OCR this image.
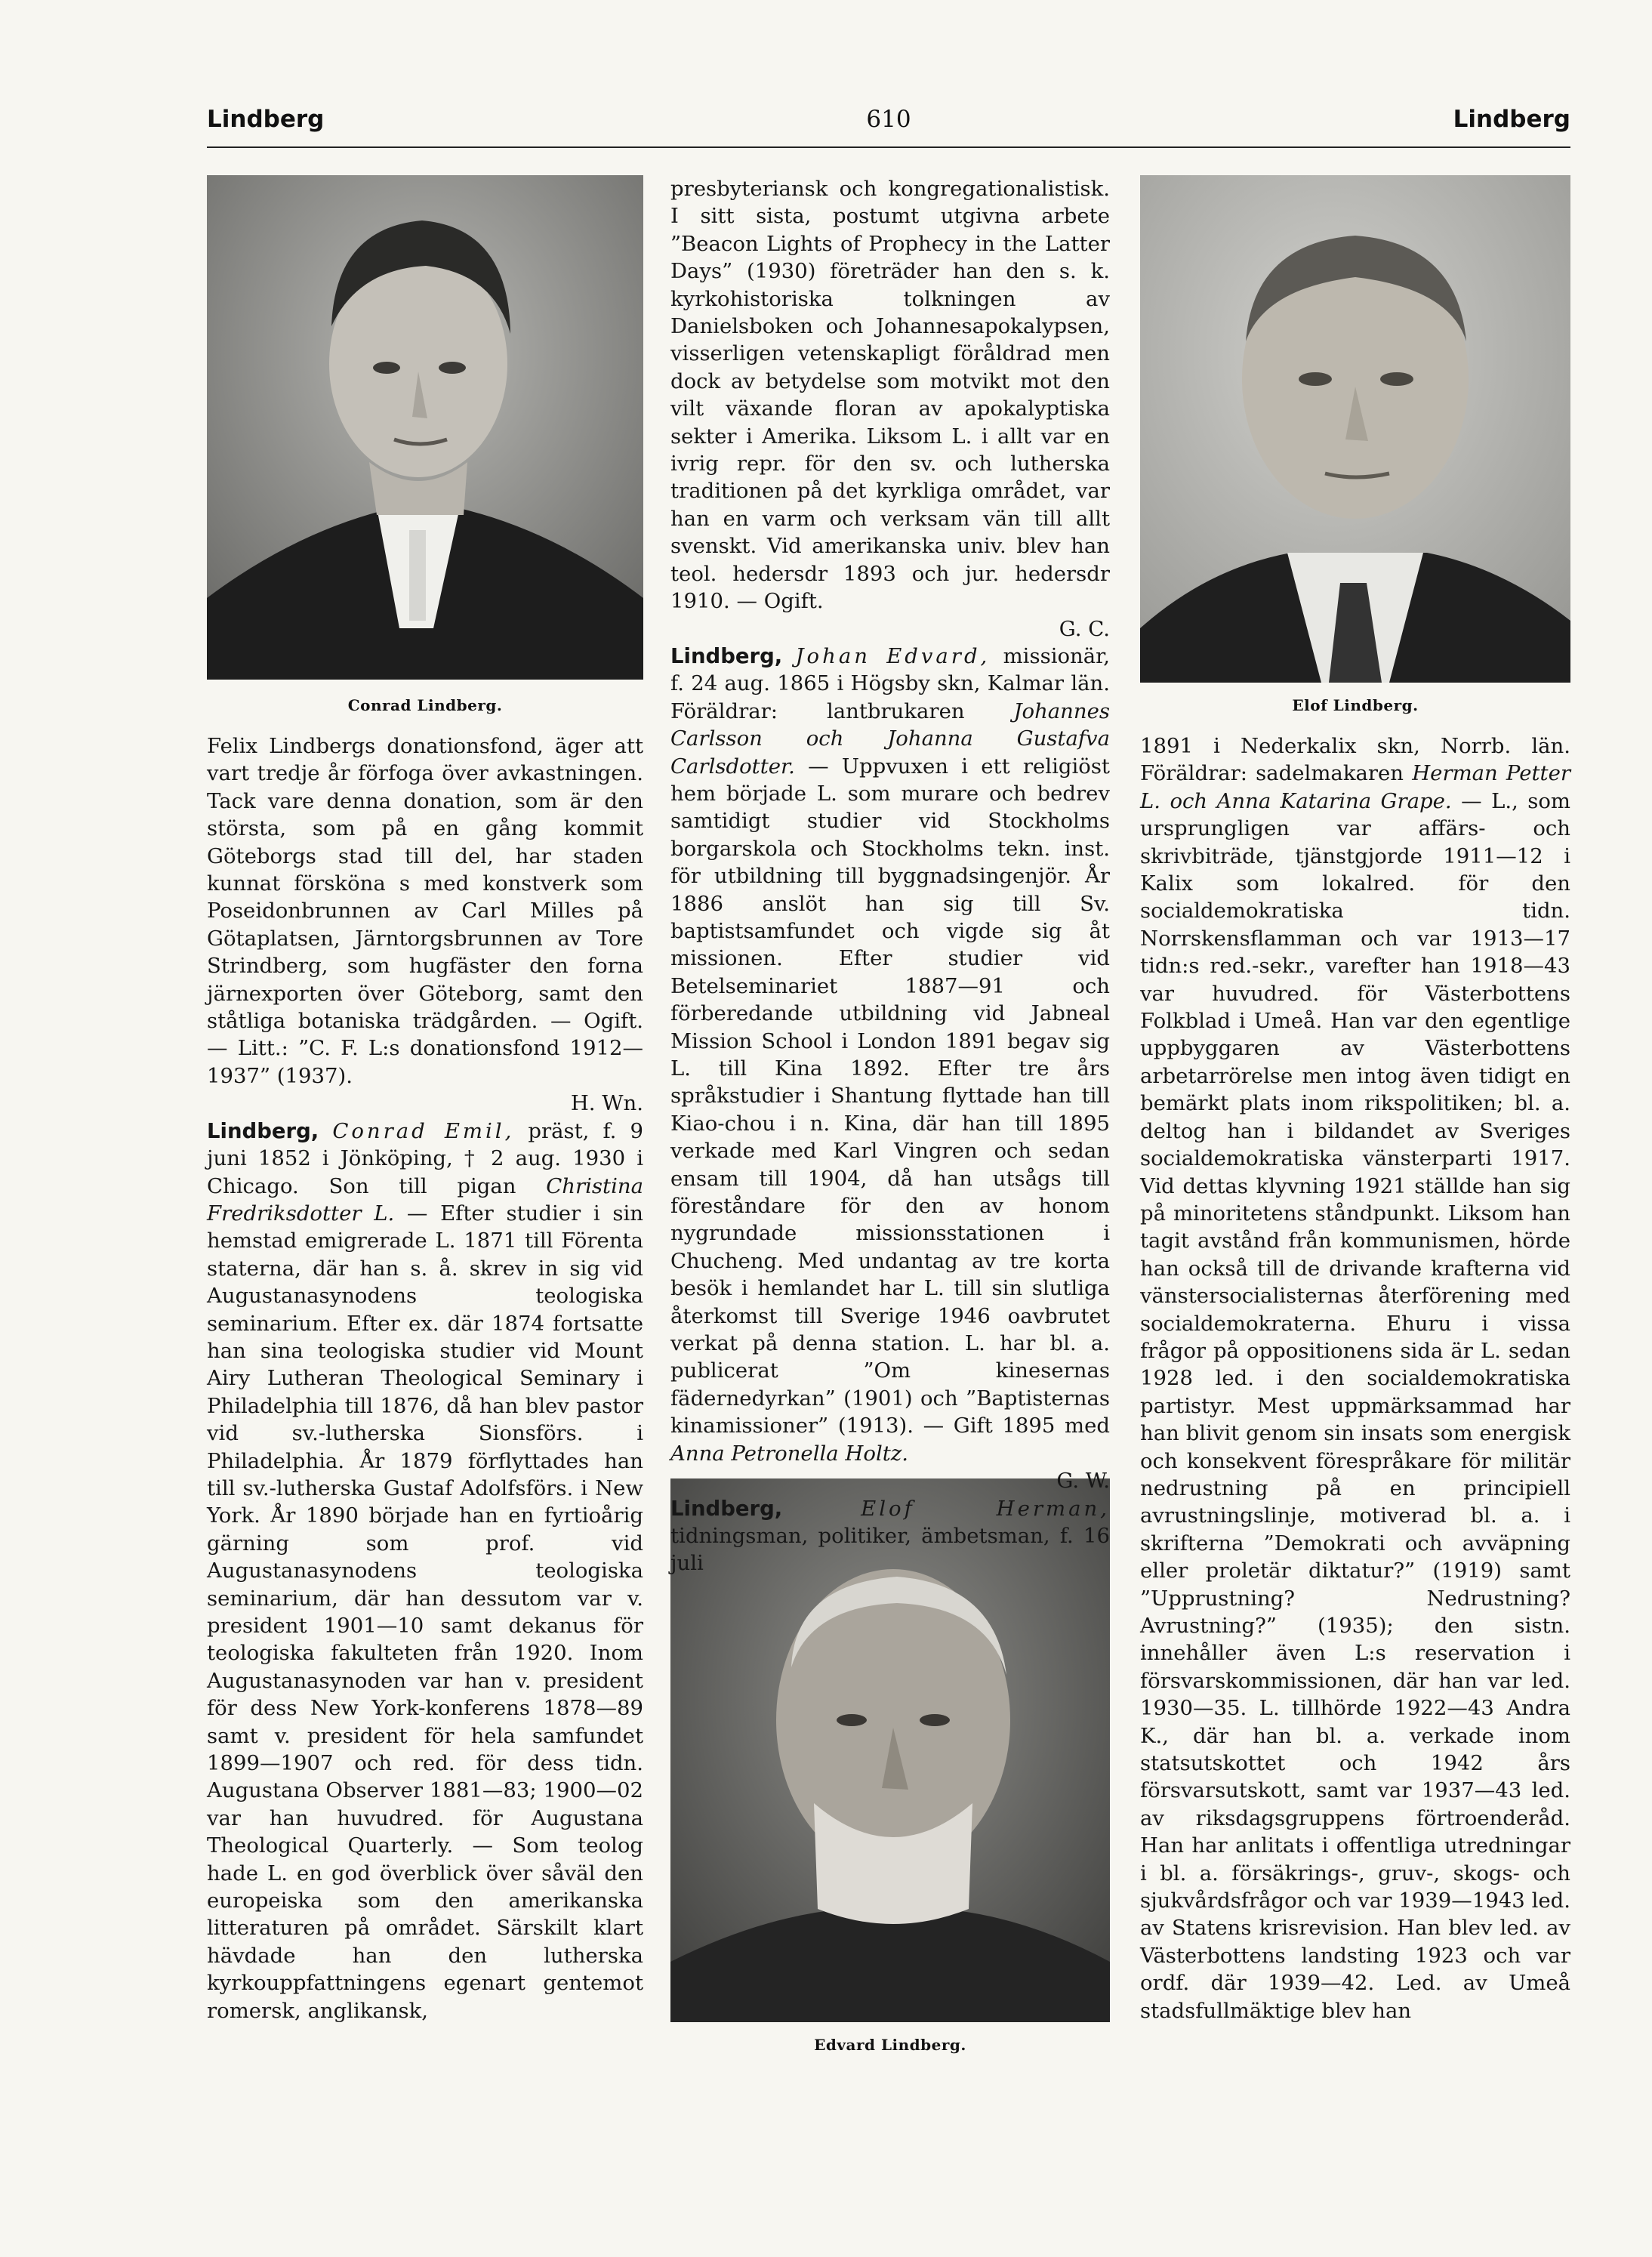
Lindberg	610	Lindberg
Conrad Lindberg.	Elof Lindberg.
Edvard Lindberg.

Felix Lindbergs donationsfond, äger att vart tredje år förfoga över avkastningen. Tack vare denna donation, som är den största, som på en gång kommit Göteborgs stad till del, har staden kunnat försköna s med konstverk som Poseidonbrunnen av Carl Milles på Götaplatsen, Järntorgsbrunnen av Tore Strindberg, som hugfäster den forna järnexporten över Göteborg, samt den ståtliga botaniska trädgården. — Ogift. — Litt.: ”C. F. L:s donationsfond 1912—1937” (1937).

H. Wn.

Lindberg, Conrad Emil, präst, f. 9 juni 1852 i Jönköping, † 2 aug. 1930 i Chicago. Son till pigan Christina Fredriksdotter L. — Efter studier i sin hemstad emigrerade L. 1871 till Förenta staterna, där han s. å. skrev in sig vid Augustanasynodens teologiska seminarium. Efter ex. där 1874 fortsatte han sina teologiska studier vid Mount Airy Lutheran Theological Seminary i Philadelphia till 1876, då han blev pastor vid sv.-lutherska Sionsförs. i Philadelphia. År 1879 förflyttades han till sv.-lutherska Gustaf Adolfsförs. i New York. År 1890 började han en fyrtioårig gärning som prof. vid Augustanasynodens teologiska seminarium, där han dessutom var v. president 1901—10 samt dekanus för teologiska fakulteten från 1920. Inom Augustanasynoden var han v. president för dess New York-konferens 1878—89 samt v. president för hela samfundet 1899—1907 och red. för dess tidn. Augustana Observer 1881—83; 1900—02 var han huvudred. för Augustana Theological Quarterly. — Som teolog hade L. en god överblick över såväl den europeiska som den amerikanska litteraturen på området. Särskilt klart hävdade han den lutherska kyrkouppfattningens egenart gentemot romersk, anglikansk,

presbyteriansk och kongregationalistisk. I sitt sista, postumt utgivna arbete ”Beacon Lights of Prophecy in the Latter Days” (1930) företräder han den s. k. kyrkohistoriska tolkningen av Danielsboken och Johannesapokalypsen, visserligen vetenskapligt föråldrad men dock av betydelse som motvikt mot den vilt växande floran av apokalyptiska sekter i Amerika. Liksom L. i allt var en ivrig repr. för den sv. och lutherska traditionen på det kyrkliga området, var han en varm och verksam vän till allt svenskt. Vid amerikanska univ. blev han teol. hedersdr 1893 och jur. hedersdr 1910. — Ogift.

G. C.

Lindberg, Johan Edvard, missionär, f. 24 aug. 1865 i Högsby skn, Kalmar län. Föräldrar: lantbrukaren Johannes Carlsson och Johanna Gustafva Carlsdotter. — Uppvuxen i ett religiöst hem började L. som murare och bedrev samtidigt studier vid Stockholms borgarskola och Stockholms tekn. inst. för utbildning till byggnadsingenjör. År 1886 anslöt han sig till Sv. baptistsamfundet och vigde sig åt missionen. Efter studier vid Betelseminariet 1887—91 och förberedande utbildning vid Jabneal Mission School i London 1891 begav sig L. till Kina 1892. Efter tre års språkstudier i Shantung flyttade han till Kiao-chou i n. Kina, där han till 1895 verkade med Karl Vingren och sedan ensam till 1904, då han utsågs till föreståndare för den av honom nygrundade missionsstationen i Chucheng. Med undantag av tre korta besök i hemlandet har L. till sin slutliga återkomst till Sverige 1946 oavbrutet verkat på denna station. L. har bl. a. publicerat ”Om kinesernas fädernedyrkan” (1901) och ”Baptisternas kinamissioner” (1913). — Gift 1895 med Anna Petronella Holtz.

G. W.

Lindberg,	Elof Herman, tidningsman, politiker, ämbetsman, f. 16 juli

1891 i Nederkalix skn, Norrb. län. Föräldrar: sadelmakaren Herman Petter L. och Anna Katarina Grape. — L., som ursprungligen var affärs- och skrivbiträde, tjänstgjorde 1911—12 i Kalix som lokalred. för den socialdemokratiska tidn. Norrskensflamman och var 1913—17 tidn:s red.-sekr., varefter han 1918—43 var huvudred. för Västerbottens Folkblad i Umeå. Han var den egentlige uppbyggaren av Västerbottens arbetarrörelse men intog även tidigt en bemärkt plats inom rikspolitiken; bl. a. deltog han i bildandet av Sveriges socialdemokratiska vänsterparti 1917. Vid dettas klyvning 1921 ställde han sig på minoritetens ståndpunkt. Liksom han tagit avstånd från kommunismen, hörde han också till de drivande krafterna vid vänstersocialisternas återförening med socialdemokraterna. Ehuru i vissa frågor på oppositionens sida är L. sedan 1928 led. i den socialdemokratiska partistyr. Mest uppmärksammad har han blivit genom sin insats som energisk och konsekvent förespråkare för militär nedrustning på en principiell avrustningslinje, motiverad bl. a. i skrifterna ”Demokrati och avväpning eller proletär diktatur?” (1919) samt ”Upprustning? Nedrustning? Avrustning?” (1935); den sistn. innehåller även L:s reservation i försvarskommissionen, där han var led. 1930—35. L. tillhörde 1922—43 Andra K., där han bl. a. verkade inom statsutskottet och 1942 års försvarsutskott, samt var 1937—43 led. av riksdagsgruppens förtroenderåd. Han har anlitats i offentliga utredningar i bl. a. försäkrings-, gruv-, skogs- och sjukvårdsfrågor och var 1939—1943 led. av Statens krisrevision. Han blev led. av Västerbottens landsting 1923 och var ordf. där 1939—42. Led. av Umeå stadsfullmäktige blev han
